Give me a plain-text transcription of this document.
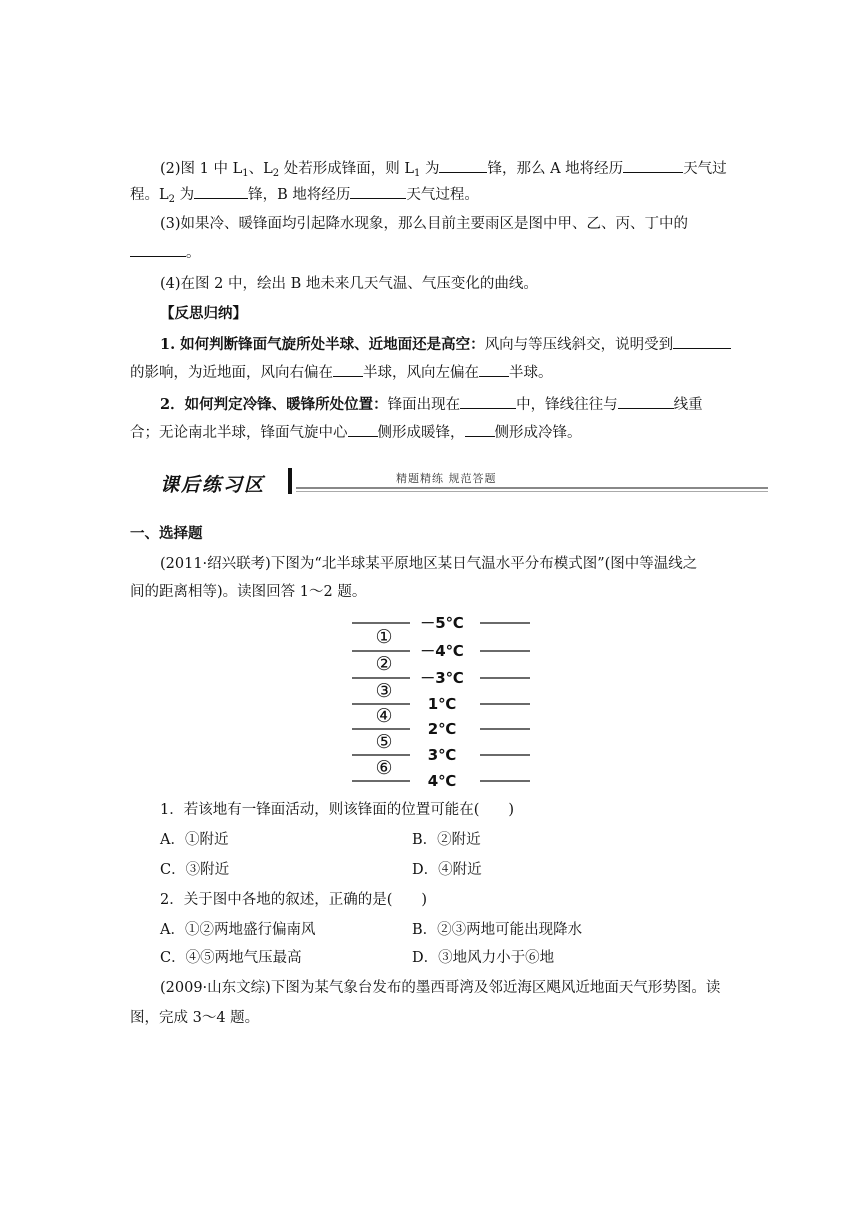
(2)图 1 中 $L_1$、$L_2$ 处若形成锋面，则 $L_1$ 为	锋，那么 A 地将经历	天气过
程。$L_2$ 为	锋，B 地将经历	天气过程。
(3)如果冷、暖锋面均引起降水现象，那么目前主要雨区是图中甲、乙、丙、丁中的
。
(4)在图 2 中，绘出 B 地未来几天气温、气压变化的曲线。
【反思归纳】
1. 如何判断锋面气旋所处半球、近地面还是高空：风向与等压线斜交，说明受到
的影响，为近地面，风向右偏在 半球，风向左偏在 半球。
2．如何判定冷锋、暖锋所处位置：锋面出现在	中，锋线往往与	线重
合；无论南北半球，锋面气旋中心 侧形成暖锋， 侧形成冷锋。
课后练习区	精题精练 规范答题
一、选择题
(2011·绍兴联考)下图为“北半球某平原地区某日气温水平分布模式图”(图中等温线之
间的距离相等)。读图回答 1～2 题。
－5℃
－4℃
－3℃
1℃
2℃
3℃
4℃
①
②
③
④
⑤
⑥
1．若该地有一锋面活动，则该锋面的位置可能在(　　)
A．①附近	B．②附近
C．③附近	D．④附近
2．关于图中各地的叙述，正确的是(　　)
A．①②两地盛行偏南风	B．②③两地可能出现降水
C．④⑤两地气压最高	D．③地风力小于⑥地
(2009·山东文综)下图为某气象台发布的墨西哥湾及邻近海区飓风近地面天气形势图。读
图，完成 3～4 题。
